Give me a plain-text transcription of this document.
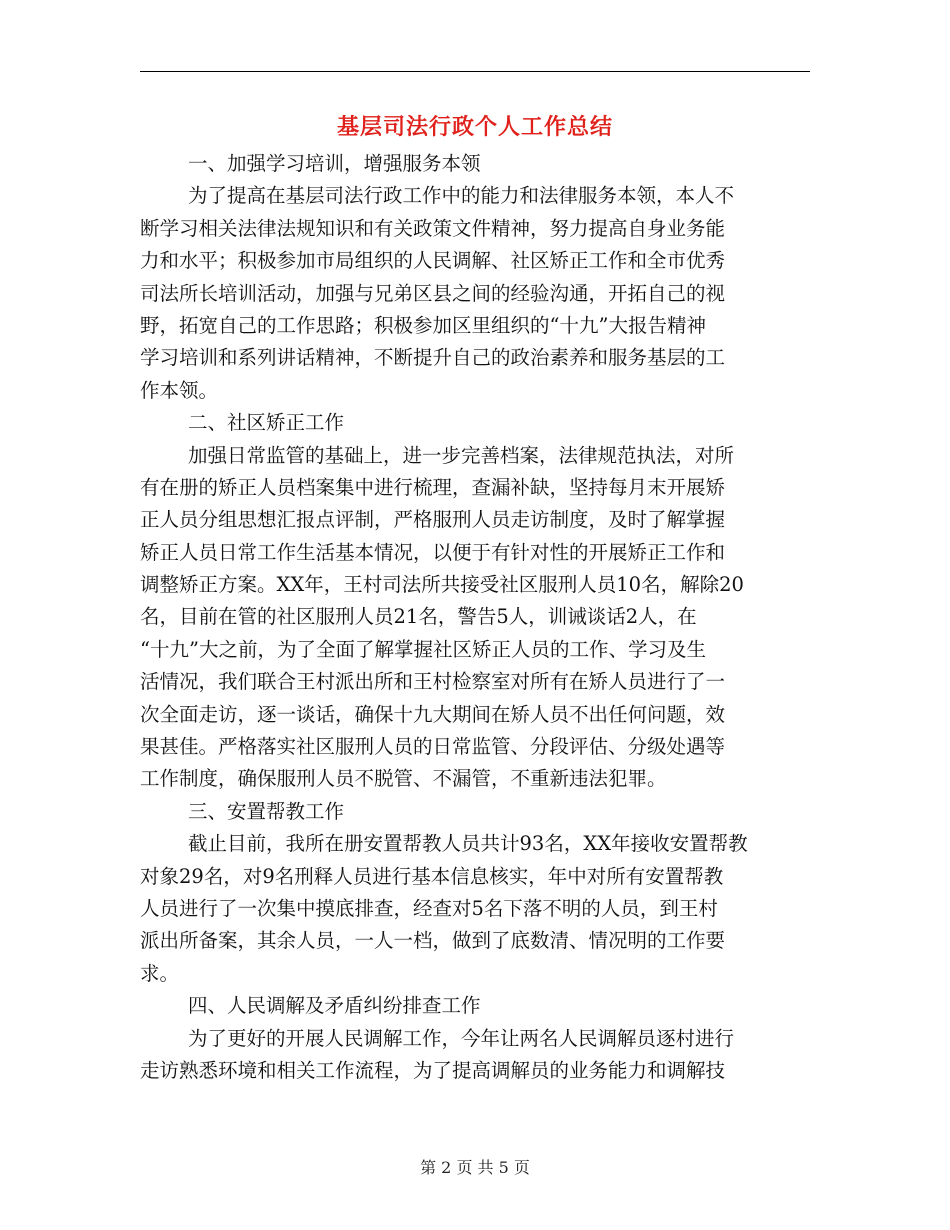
基层司法行政个人工作总结
一、加强学习培训，增强服务本领
为了提高在基层司法行政工作中的能力和法律服务本领，本人不
断学习相关法律法规知识和有关政策文件精神，努力提高自身业务能
力和水平；积极参加市局组织的人民调解、社区矫正工作和全市优秀
司法所长培训活动，加强与兄弟区县之间的经验沟通，开拓自己的视
野，拓宽自己的工作思路；积极参加区里组织的“十九”大报告精神
学习培训和系列讲话精神，不断提升自己的政治素养和服务基层的工
作本领。
二、社区矫正工作
加强日常监管的基础上，进一步完善档案，法律规范执法，对所
有在册的矫正人员档案集中进行梳理，查漏补缺，坚持每月末开展矫
正人员分组思想汇报点评制，严格服刑人员走访制度，及时了解掌握
矫正人员日常工作生活基本情况，以便于有针对性的开展矫正工作和
调整矫正方案。XX年，王村司法所共接受社区服刑人员10名，解除20
名，目前在管的社区服刑人员21名，警告5人，训诫谈话2人，在
“十九”大之前，为了全面了解掌握社区矫正人员的工作、学习及生
活情况，我们联合王村派出所和王村检察室对所有在矫人员进行了一
次全面走访，逐一谈话，确保十九大期间在矫人员不出任何问题，效
果甚佳。严格落实社区服刑人员的日常监管、分段评估、分级处遇等
工作制度，确保服刑人员不脱管、不漏管，不重新违法犯罪。
三、安置帮教工作
截止目前，我所在册安置帮教人员共计93名，XX年接收安置帮教
对象29名，对9名刑释人员进行基本信息核实，年中对所有安置帮教
人员进行了一次集中摸底排查，经查对5名下落不明的人员，到王村
派出所备案，其余人员，一人一档，做到了底数清、情况明的工作要
求。
四、人民调解及矛盾纠纷排查工作
为了更好的开展人民调解工作，今年让两名人民调解员逐村进行
走访熟悉环境和相关工作流程，为了提高调解员的业务能力和调解技
第 2 页 共 5 页
